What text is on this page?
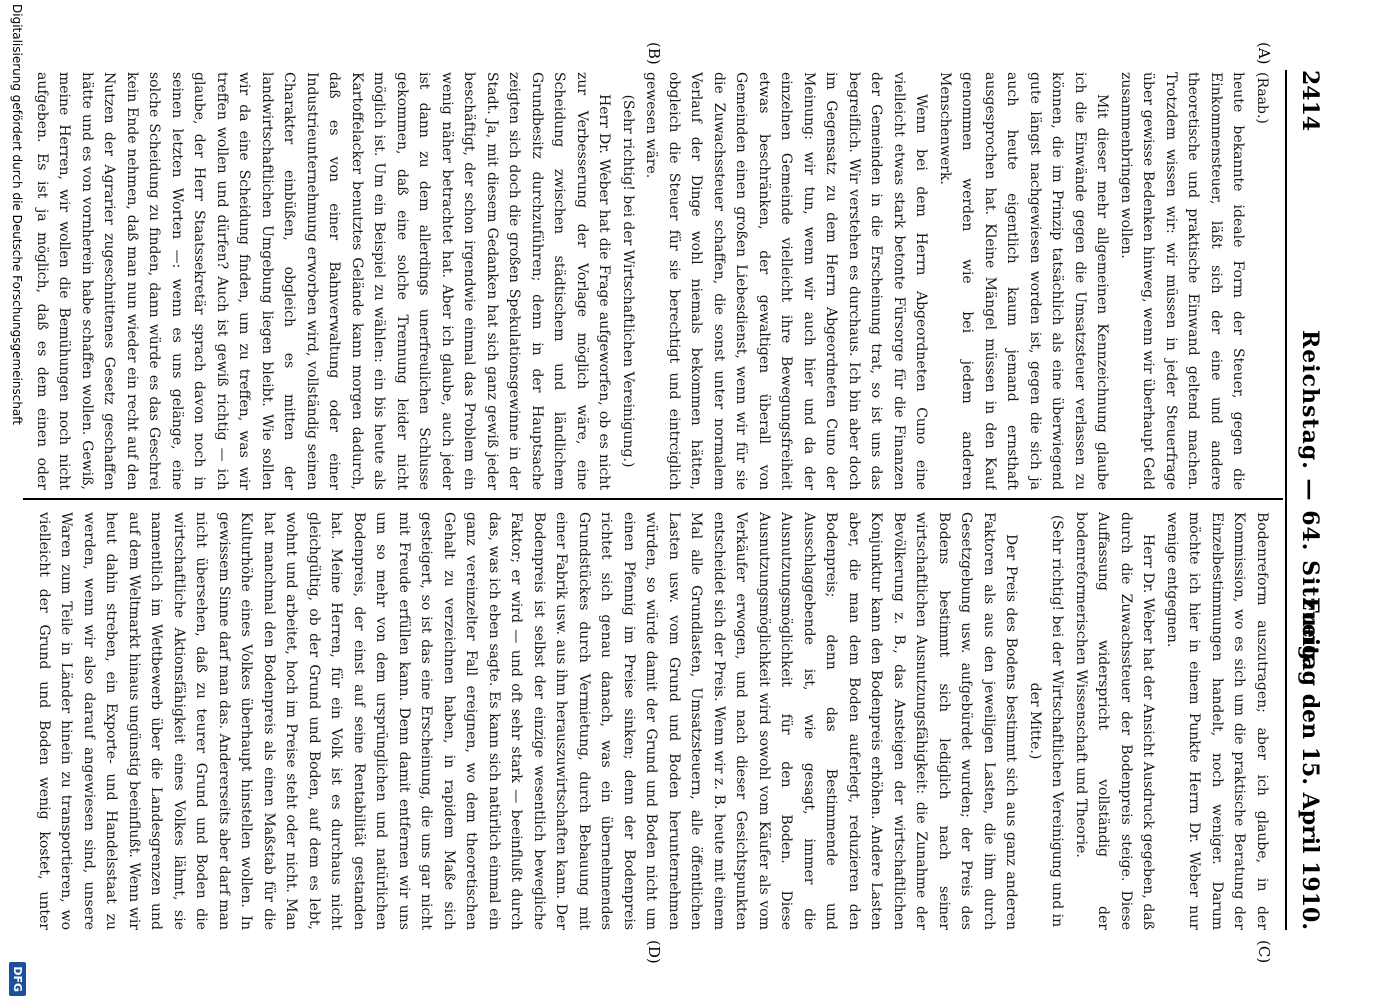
2414
Reichstag. — 64. Sitzung.
Freitag den 15. April 1910.
(A)
(B)
(C)
(D)

(Raab.)

heute bekannte ideale Form der Steuer, gegen die Einkommensteuer, läßt sich der eine und andere theoretische und praktische Einwand geltend machen. Trotzdem wissen wir: wir müssen in jeder Steuerfrage über gewisse Bedenken hinweg, wenn wir überhaupt Geld zusammenbringen wollen.

Mit dieser mehr allgemeinen Kennzeichnung glaube ich die Einwände gegen die Umsatzsteuer verlassen zu können, die im Prinzip tatsächlich als eine überwiegend gute längst nachgewiesen worden ist, gegen die sich ja auch heute eigentlich kaum jemand ernsthaft ausgesprochen hat. Kleine Mängel müssen in den Kauf genommen werden wie bei jedem anderen Menschenwerk.

Wenn bei dem Herrn Abgeordneten Cuno eine vielleicht etwas stark betonte Fürsorge für die Finanzen der Gemeinden in die Erscheinung trat, so ist uns das begreiflich. Wir verstehen es durchaus. Ich bin aber doch im Gegensatz zu dem Herrn Abgeordneten Cuno der Meinung: wir tun, wenn wir auch hier und da der einzelnen Gemeinde vielleicht ihre Bewegungsfreiheit etwas beschränken, der gewaltigen überall von Gemeinden einen großen Liebesdienst, wenn wir für sie die Zuwachssteuer schaffen, die sonst unter normalem Verlauf der Dinge wohl niemals bekommen hätten, obgleich die Steuer für sie berechtigt und eintrciglich gewesen wäre.

(Sehr richtig! bei der Wirtschaftlichen Vereinigung.)

Herr Dr. Weber hat die Frage aufgeworfen, ob es nicht zur Verbesserung der Vorlage möglich wäre, eine Scheidung zwischen städtischem und ländlichem Grundbesitz durchzuführen; denn in der Hauptsache zeigten sich doch die großen Spekulationsgewinne in der Stadt. Ja, mit diesem Gedanken hat sich ganz gewiß jeder beschäftigt, der schon irgendwie einmal das Problem ein wenig näher betrachtet hat. Aber ich glaube, auch jeder ist dann zu dem allerdings unerfreulichen Schlusse gekommen, daß eine solche Trennung leider nicht möglich ist. Um ein Beispiel zu wählen: ein bis heute als Kartoffelacker benutztes Gelände kann morgen dadurch, daß es von einer Bahnverwaltung oder einer Industrieunternehmung erworben wird, vollständig seinen Charakter einbüßen, obgleich es mitten der landwirtschaftlichen Umgebung liegen bleibt. Wie sollen wir da eine Scheidung finden, um zu treffen, was wir treffen wollen und dürfen? Auch ist gewiß richtig — ich glaube, der Herr Staatssekretär sprach davon noch in seinen letzten Worten —: wenn es uns gelänge, eine solche Scheidung zu finden, dann würde es das Geschrei kein Ende nehmen, daß man nun wieder ein recht auf den Nutzen der Agrarier zugeschnittenes Gesetz geschaffen hätte und es von vornherein habe schaffen wollen. Gewiß, meine Herren, wir wollen die Bemühungen noch nicht aufgeben. Es ist ja möglich, daß es dem einen oder

Bodenreform auszutragen; aber ich glaube, in der Kommission, wo es sich um die praktische Beratung der Einzelbestimmungen handelt, noch weniger. Darum möchte ich hier in einem Punkte Herrn Dr. Weber nur wenige entgegnen.

Herr Dr. Weber hat der Ansicht Ausdruck gegeben, daß durch die Zuwachssteuer der Bodenpreis steige. Diese Auffassung widerspricht vollständig der bodenreformerischen Wissenschaft und Theorie.

(Sehr richtig! bei der Wirtschaftlichen Vereinigung und in der Mitte.)

Der Preis des Bodens bestimmt sich aus ganz anderen Faktoren als aus den jeweiligen Lasten, die ihm durch Gesetzgebung usw. aufgebürdet wurden; der Preis des Bodens bestimmt sich lediglich nach seiner wirtschaftlichen Ausnutzungsfähigkeit: die Zunahme der Bevölkerung z. B., das Ansteigen der wirtschaftlichen Konjunktur kann den Bodenpreis erhöhen. Andere Lasten aber, die man dem Boden auferlegt, reduzieren den Bodenpreis; denn das Bestimmende und Ausschlaggebende ist, wie gesagt, immer die Ausnutzungsmöglichkeit für den Boden. Diese Ausnutzungsmöglichkeit wird sowohl vom Käufer als vom Verkäufer erwogen, und nach dieser Gesichtspunkten entscheidet sich der Preis. Wenn wir z. B. heute mit einem Mal alle Grundlasten, Umsatzsteuern, alle öffentlichen Lasten usw. vom Grund und Boden herunternehmen würden, so würde damit der Grund und Boden nicht um einen Pfennig im Preise sinken; denn der Bodenpreis richtet sich genau danach, was ein übernehmendes Grundstückes durch Vermietung, durch Bebauung mit einer Fabrik usw. aus ihm herauszuwirtschaften kann. Der Bodenpreis ist selbst der einzige wesentlich bewegliche Faktor; er wird — und oft sehr stark — beeinflußt durch das, was ich eben sagte. Es kann sich natürlich einmal ein ganz vereinzelter Fall ereignen, wo dem theoretischen Gehalt zu verzeichnen haben, in rapidem Maße sich gesteigert, so ist das eine Erscheinung, die uns gar nicht mit Freude erfüllen kann. Denn damit entfernen wir uns um so mehr von dem ursprünglichen und natürlichen Bodenpreis, der einst auf seine Rentabilität gestanden hat. Meine Herren, für ein Volk ist es durchaus nicht gleichgültig, ob der Grund und Boden, auf dem es lebt, wohnt und arbeitet, hoch im Preise steht oder nicht. Man hat manchmal den Bodenpreis als einen Maßstab für die Kulturhöhe eines Volkes überhaupt hinstellen wollen. In gewissem Sinne darf man das. Andererseits aber darf man nicht übersehen, daß zu teurer Grund und Boden die wirtschaftliche Aktionsfähigkeit eines Volkes lähmt, sie namentlich im Wettbewerb über die Landesgrenzen und auf dem Weltmarkt hinaus ungünstig beeinflußt. Wenn wir heut dahin streben, ein Exporte- und Handelsstaat zu werden, wenn wir also darauf angewiesen sind, unsere Waren zum Teile in Länder hinein zu transportieren, wo vielleicht der Grund und Boden wenig kostet, unter

Digitalisierung gefördert durch die Deutsche Forschungsgemeinschaft
DFG
